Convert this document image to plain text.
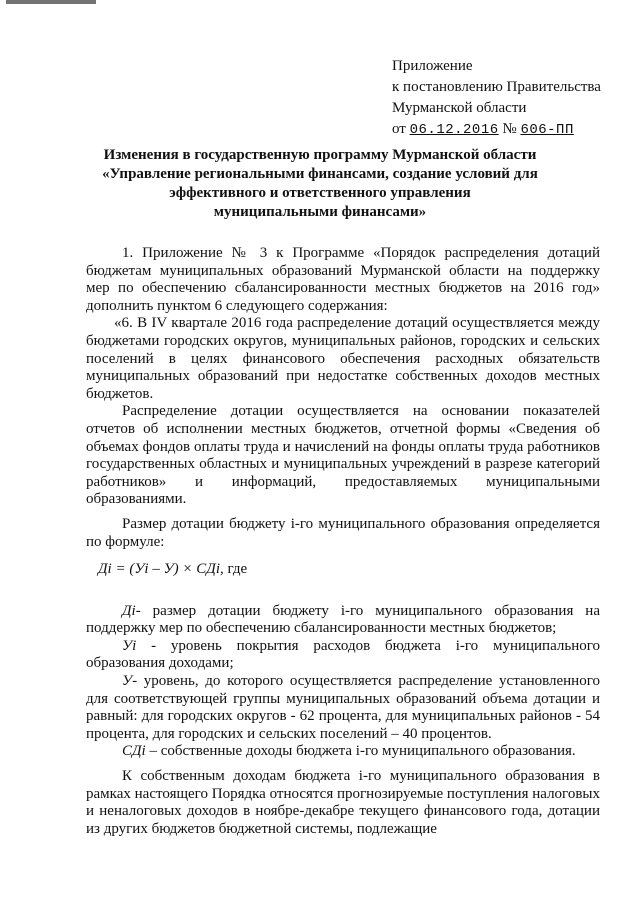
Приложение
к постановлению Правительства
Мурманской области
от 06.12.2016 № 606-ПП
Изменения в государственную программу Мурманской области
«Управление региональными финансами, создание условий для
эффективного и ответственного управления
муниципальными финансами»

1. Приложение № 3 к Программе «Порядок распределения дотаций бюджетам муниципальных образований Мурманской области на поддержку мер по обеспечению сбалансированности местных бюджетов на 2016 год» дополнить пунктом 6 следующего содержания:

«6. В IV квартале 2016 года распределение дотаций осуществляется между бюджетами городских округов, муниципальных районов, городских и сельских поселений в целях финансового обеспечения расходных обязательств муниципальных образований при недостатке собственных доходов местных бюджетов.

Распределение дотации осуществляется на основании показателей отчетов об исполнении местных бюджетов, отчетной формы «Сведения об объемах фондов оплаты труда и начислений на фонды оплаты труда работников государственных областных и муниципальных учреждений в разрезе категорий работников» и информаций, предоставляемых муниципальными образованиями.

Размер дотации бюджету i-го муниципального образования определяется по формуле:

Дi = (Уi – У) × СДi, где

Дi- размер дотации бюджету i-го муниципального образования на поддержку мер по обеспечению сбалансированности местных бюджетов;

Уi - уровень покрытия расходов бюджета i-го муниципального образования доходами;

У- уровень, до которого осуществляется распределение установленного для соответствующей группы муниципальных образований объема дотации и равный: для городских округов - 62 процента, для муниципальных районов - 54 процента, для городских и сельских поселений – 40 процентов.

СДi – собственные доходы бюджета i-го муниципального образования.

К собственным доходам бюджета i-го муниципального образования в рамках настоящего Порядка относятся прогнозируемые поступления налоговых и неналоговых доходов в ноябре-декабре текущего финансового года, дотации из других бюджетов бюджетной системы, подлежащие
